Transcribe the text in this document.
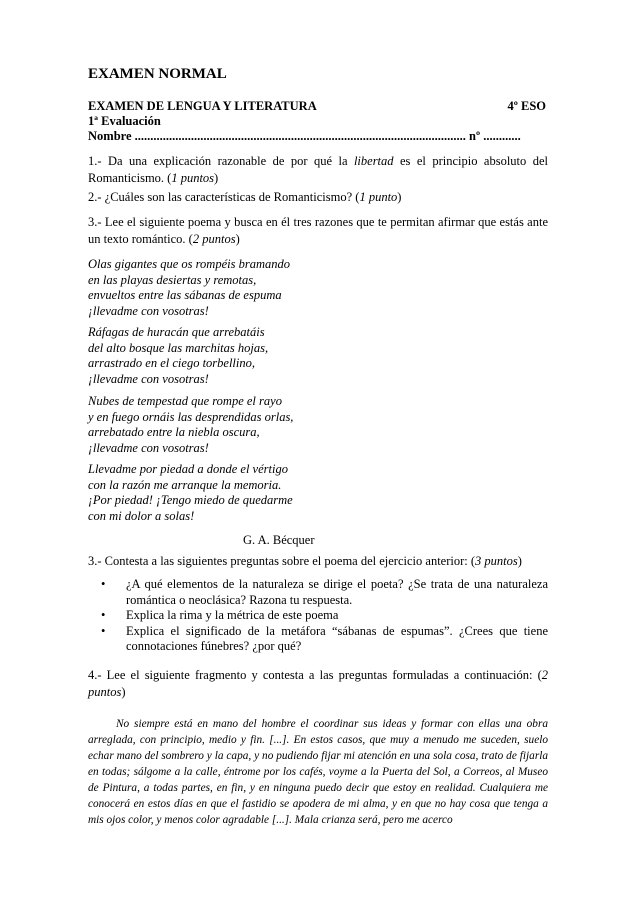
EXAMEN NORMAL
EXAMEN DE LENGUA Y LITERATURA	4º ESO
1ª Evaluación
Nombre .......................................................................................................... nº ............
1.- Da una explicación razonable de por qué la libertad es el principio absoluto del Romanticismo. (1 puntos)
2.- ¿Cuáles son las características de Romanticismo? (1 punto)
3.- Lee el siguiente poema y busca en él tres razones que te permitan afirmar que estás ante un texto romántico. (2 puntos)
Olas gigantes que os rompéis bramando
en las playas desiertas y remotas,
envueltos entre las sábanas de espuma
¡llevadme con vosotras!
Ráfagas de huracán que arrebatáis
del alto bosque las marchitas hojas,
arrastrado en el ciego torbellino,
¡llevadme con vosotras!
Nubes de tempestad que rompe el rayo
y en fuego ornáis las desprendidas orlas,
arrebatado entre la niebla oscura,
¡llevadme con vosotras!
Llevadme por piedad a donde el vértigo
con la razón me arranque la memoria.
¡Por piedad! ¡Tengo miedo de quedarme
con mi dolor a solas!
G. A. Bécquer
3.- Contesta a las siguientes preguntas sobre el poema del ejercicio anterior: (3 puntos)
• ¿A qué elementos de la naturaleza se dirige el poeta? ¿Se trata de una naturaleza romántica o neoclásica? Razona tu respuesta.
• Explica la rima y la métrica de este poema
• Explica el significado de la metáfora “sábanas de espumas”. ¿Crees que tiene connotaciones fúnebres? ¿por qué?
4.- Lee el siguiente fragmento y contesta a las preguntas formuladas a continuación: (2 puntos)
No siempre está en mano del hombre el coordinar sus ideas y formar con ellas una obra arreglada, con principio, medio y fin. [...]. En estos casos, que muy a menudo me suceden, suelo echar mano del sombrero y la capa, y no pudiendo fijar mi atención en una sola cosa, trato de fijarla en todas; sálgome a la calle, éntrome por los cafés, voyme a la Puerta del Sol, a Correos, al Museo de Pintura, a todas partes, en fin, y en ninguna puedo decir que estoy en realidad. Cualquiera me conocerá en estos días en que el fastidio se apodera de mi alma, y en que no hay cosa que tenga a mis ojos color, y menos color agradable [...]. Mala crianza será, pero me acerco
